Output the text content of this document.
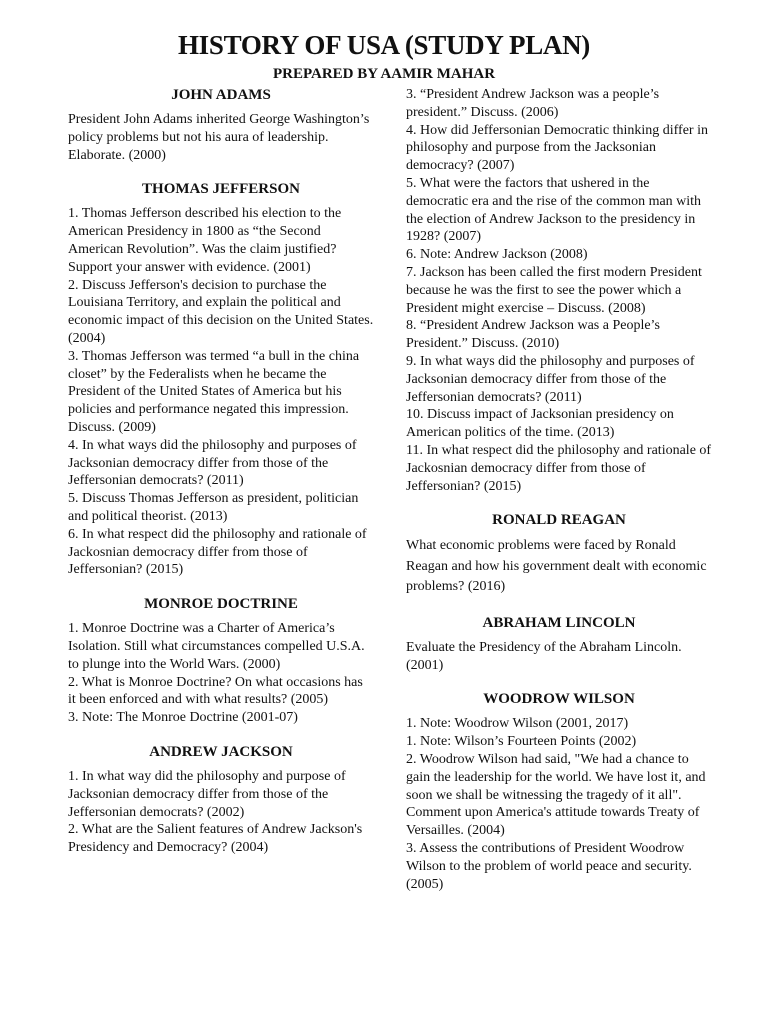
HISTORY OF USA (STUDY PLAN)
PREPARED BY AAMIR MAHAR
JOHN ADAMS

President John Adams inherited George Washington’s policy problems but not his aura of leadership. Elaborate. (2000)

THOMAS JEFFERSON

1. Thomas Jefferson described his election to the American Presidency in 1800 as “the Second American Revolution”. Was the claim justified? Support your answer with evidence. (2001)

2. Discuss Jefferson's decision to purchase the Louisiana Territory, and explain the political and economic impact of this decision on the United States. (2004)

3. Thomas Jefferson was termed “a bull in the china closet” by the Federalists when he became the President of the United States of America but his policies and performance negated this impression. Discuss. (2009)

4. In what ways did the philosophy and purposes of Jacksonian democracy differ from those of the Jeffersonian democrats? (2011)

5. Discuss Thomas Jefferson as president, politician and political theorist. (2013)

6. In what respect did the philosophy and rationale of Jackosnian democracy differ from those of Jeffersonian? (2015)

MONROE DOCTRINE

1. Monroe Doctrine was a Charter of America’s Isolation. Still what circumstances compelled U.S.A. to plunge into the World Wars. (2000)

2. What is Monroe Doctrine? On what occasions has it been enforced and with what results? (2005)

3. Note: The Monroe Doctrine (2001-07)

ANDREW JACKSON

1. In what way did the philosophy and purpose of Jacksonian democracy differ from those of the Jeffersonian democrats? (2002)

2. What are the Salient features of Andrew Jackson's Presidency and Democracy? (2004)

3. “President Andrew Jackson was a people’s president.” Discuss. (2006)

4. How did Jeffersonian Democratic thinking differ in philosophy and purpose from the Jacksonian democracy? (2007)

5. What were the factors that ushered in the democratic era and the rise of the common man with the election of Andrew Jackson to the presidency in 1928? (2007)

6. Note: Andrew Jackson (2008)

7. Jackson has been called the first modern President because he was the first to see the power which a President might exercise – Discuss. (2008)

8. “President Andrew Jackson was a People’s President.” Discuss. (2010)

9. In what ways did the philosophy and purposes of Jacksonian democracy differ from those of the Jeffersonian democrats? (2011)

10. Discuss impact of Jacksonian presidency on American politics of the time. (2013)

11. In what respect did the philosophy and rationale of Jackosnian democracy differ from those of Jeffersonian? (2015)

RONALD REAGAN

What economic problems were faced by Ronald Reagan and how his government dealt with economic problems? (2016)

ABRAHAM LINCOLN

Evaluate the Presidency of the Abraham Lincoln. (2001)

WOODROW WILSON

1. Note: Woodrow Wilson (2001, 2017)

1. Note: Wilson’s Fourteen Points (2002)

2. Woodrow Wilson had said, "We had a chance to gain the leadership for the world. We have lost it, and soon we shall be witnessing the tragedy of it all". Comment upon America's attitude towards Treaty of Versailles. (2004)

3. Assess the contributions of President Woodrow Wilson to the problem of world peace and security. (2005)
